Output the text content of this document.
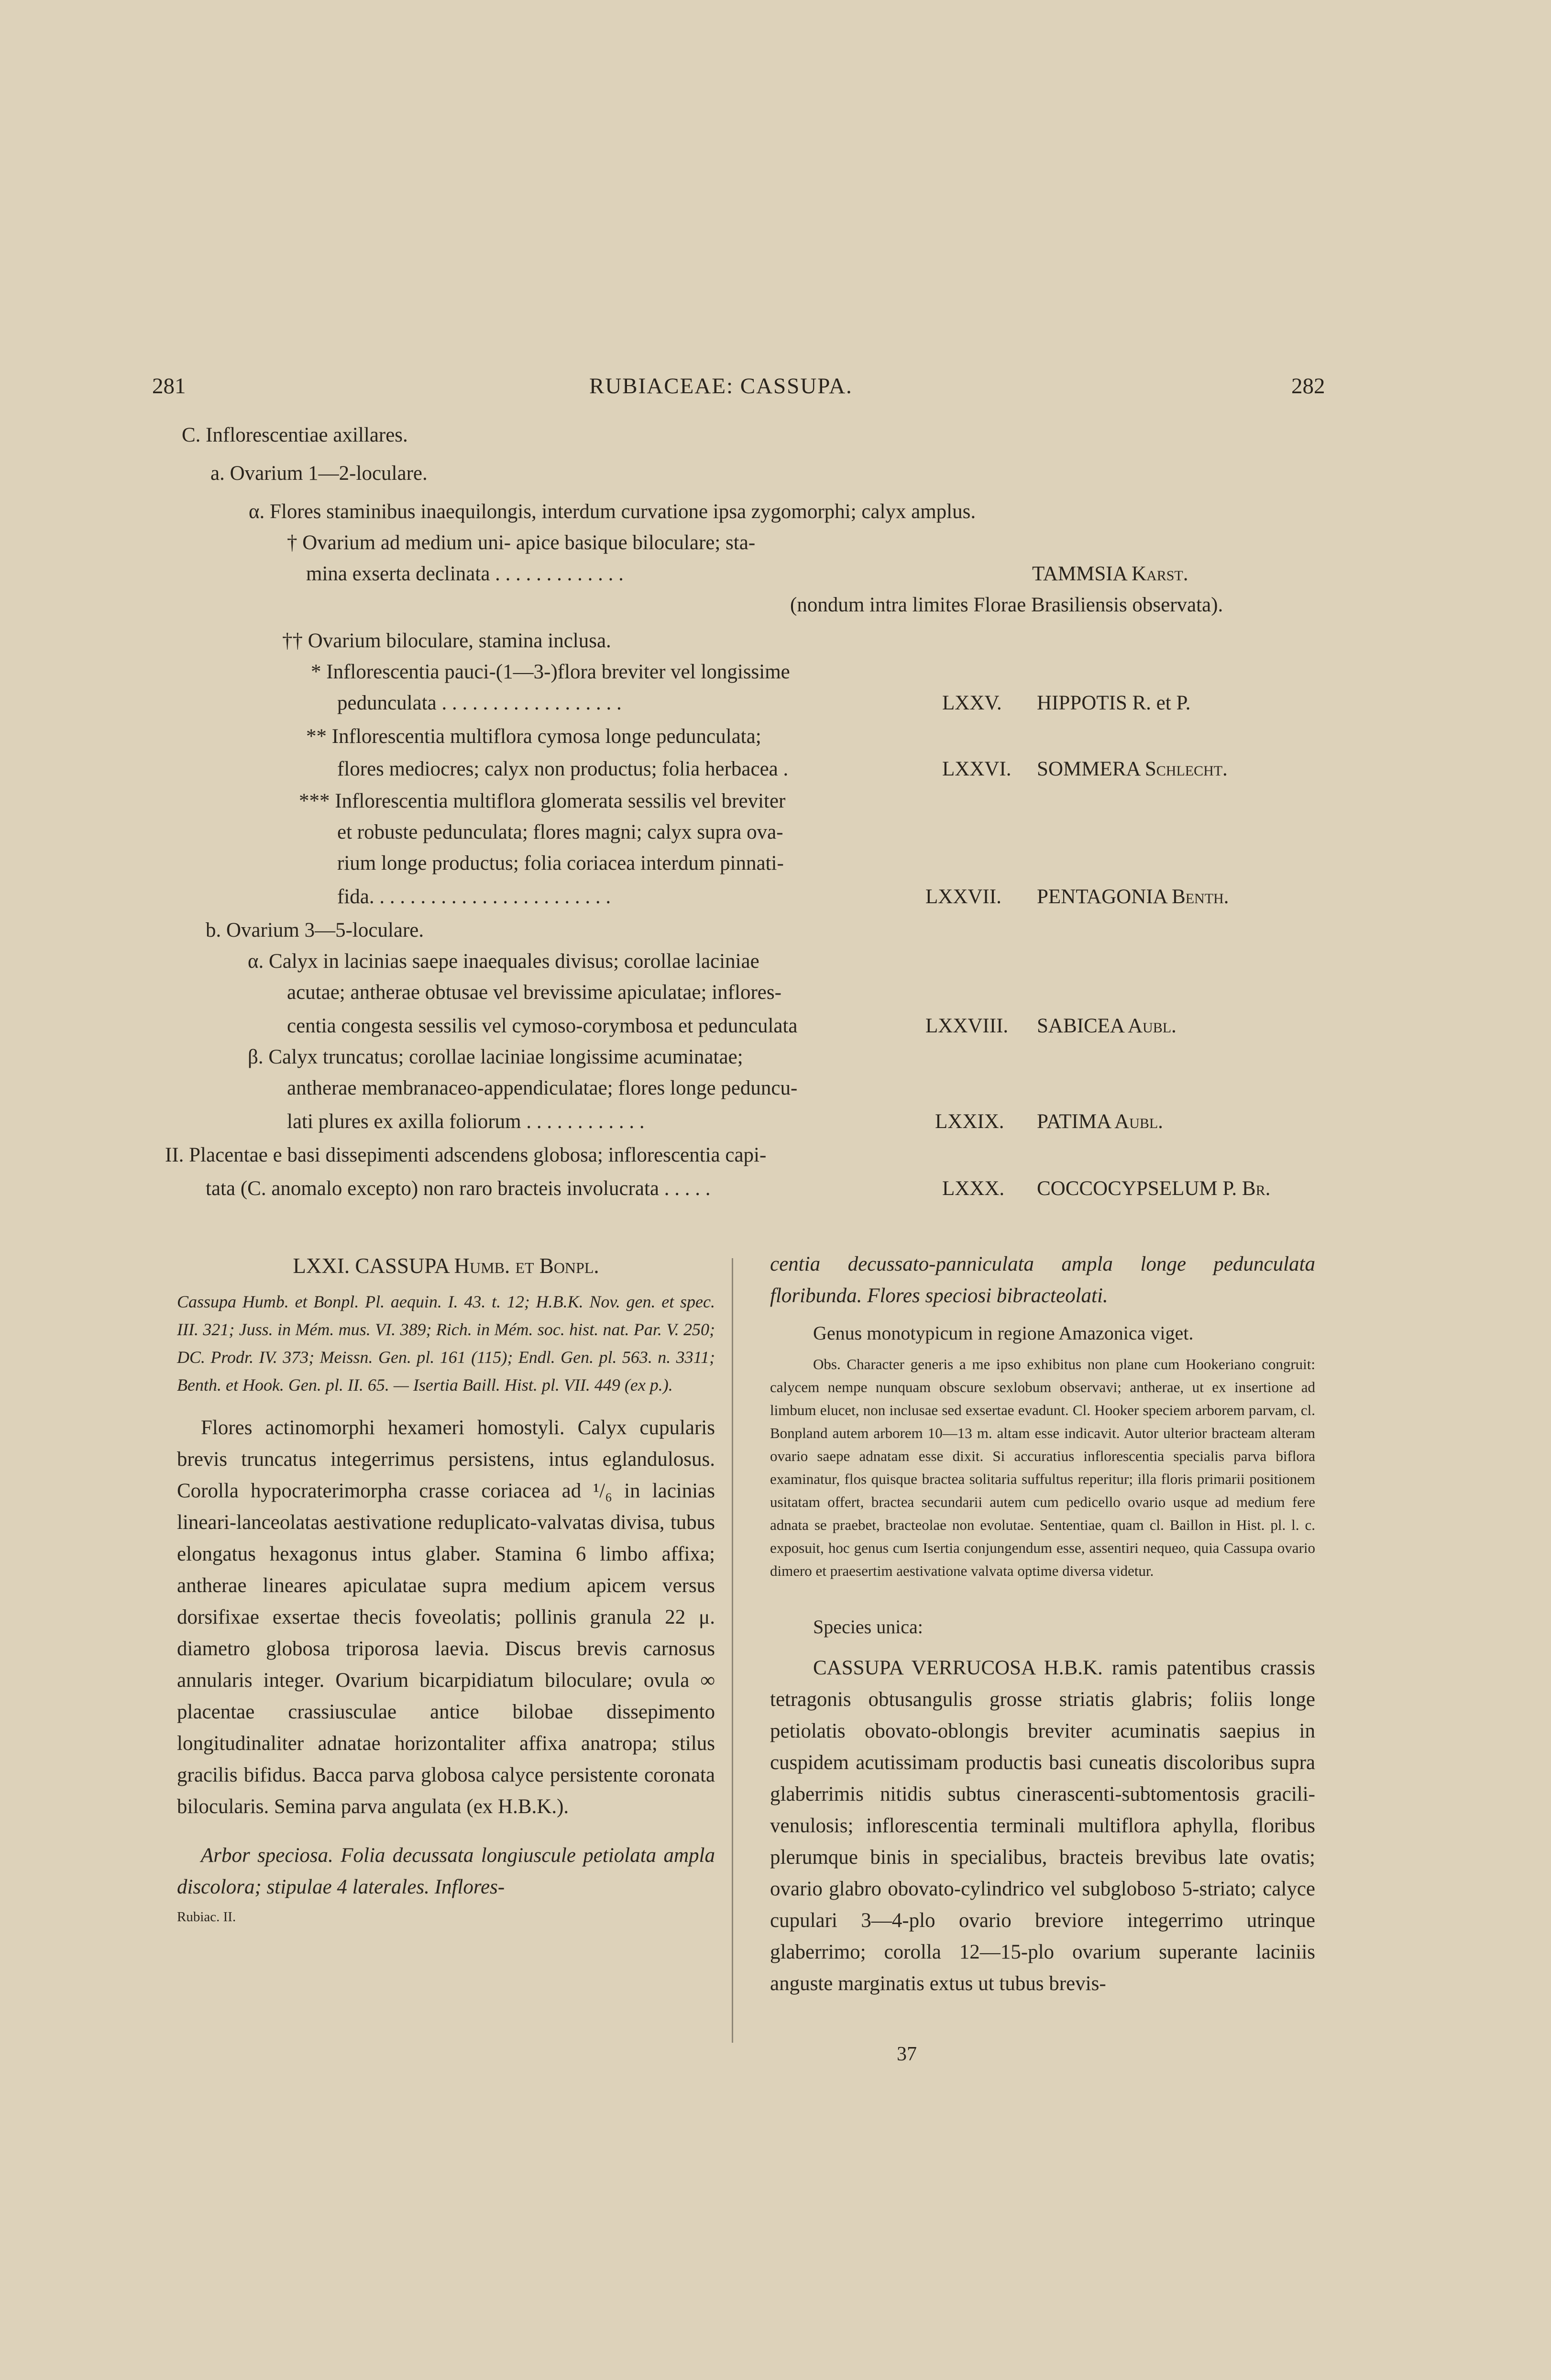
281	RUBIACEAE: CASSUPA.	282
C. Inflorescentiae axillares.
a. Ovarium 1—2-loculare.
α. Flores staminibus inaequilongis, interdum curvatione ipsa zygomorphi; calyx amplus.
† Ovarium ad medium uni- apice basique biloculare; sta-
mina exserta declinata . . . . . . . . . . . . .	TAMMSIA Karst.
(nondum intra limites Florae Brasiliensis observata).
†† Ovarium biloculare, stamina inclusa.
* Inflorescentia pauci-(1—3-)flora breviter vel longissime
pedunculata . . . . . . . . . . . . . . . . . .	LXXV. HIPPOTIS R. et P.
** Inflorescentia multiflora cymosa longe pedunculata;
flores mediocres; calyx non productus; folia herbacea .	LXXVI. SOMMERA Schlecht.
*** Inflorescentia multiflora glomerata sessilis vel breviter
et robuste pedunculata; flores magni; calyx supra ova-
rium longe productus; folia coriacea interdum pinnati-
fida. . . . . . . . . . . . . . . . . . . . . . . .	LXXVII. PENTAGONIA Benth.
b. Ovarium 3—5-loculare.
α. Calyx in lacinias saepe inaequales divisus; corollae laciniae
acutae; antherae obtusae vel brevissime apiculatae; inflores-
centia congesta sessilis vel cymoso-corymbosa et pedunculata	LXXVIII. SABICEA Aubl.
β. Calyx truncatus; corollae laciniae longissime acuminatae;
antherae membranaceo-appendiculatae; flores longe peduncu-
lati plures ex axilla foliorum . . . . . . . . . . . .	LXXIX. PATIMA Aubl.
II. Placentae e basi dissepimenti adscendens globosa; inflorescentia capi-
tata (C. anomalo excepto) non raro bracteis involucrata . . . . .	LXXX. COCCOCYPSELUM P. Br.

LXXI. CASSUPA Humb. et Bonpl.

Cassupa Humb. et Bonpl. Pl. aequin. I. 43. t. 12; H.B.K. Nov. gen. et spec. III. 321; Juss. in Mém. mus. VI. 389; Rich. in Mém. soc. hist. nat. Par. V. 250; DC. Prodr. IV. 373; Meissn. Gen. pl. 161 (115); Endl. Gen. pl. 563. n. 3311; Benth. et Hook. Gen. pl. II. 65. — Isertia Baill. Hist. pl. VII. 449 (ex p.).

Flores actinomorphi hexameri homostyli. Calyx cupularis brevis truncatus integerrimus persistens, intus eglandulosus. Corolla hypocraterimorpha crasse coriacea ad ¹/₆ in lacinias lineari-lanceolatas aestivatione reduplicato-valvatas divisa, tubus elongatus hexagonus intus glaber. Stamina 6 limbo affixa; antherae lineares apiculatae supra medium apicem versus dorsifixae exsertae thecis foveolatis; pollinis granula 22 μ. diametro globosa triporosa laevia. Discus brevis carnosus annularis integer. Ovarium bicarpidiatum biloculare; ovula ∞ placentae crassiusculae antice bilobae dissepimento longitudinaliter adnatae horizontaliter affixa anatropa; stilus gracilis bifidus. Bacca parva globosa calyce persistente coronata bilocularis. Semina parva angulata (ex H.B.K.).

Arbor speciosa. Folia decussata longiuscule petiolata ampla discolora; stipulae 4 laterales. Inflores-

Rubiac. II.

centia decussato-panniculata ampla longe pedunculata floribunda. Flores speciosi bibracteolati.

Genus monotypicum in regione Amazonica viget.

Obs. Character generis a me ipso exhibitus non plane cum Hookeriano congruit: calycem nempe nunquam obscure sexlobum observavi; antherae, ut ex insertione ad limbum elucet, non inclusae sed exsertae evadunt. Cl. Hooker speciem arborem parvam, cl. Bonpland autem arborem 10—13 m. altam esse indicavit. Autor ulterior bracteam alteram ovario saepe adnatam esse dixit. Si accuratius inflorescentia specialis parva biflora examinatur, flos quisque bractea solitaria suffultus reperitur; illa floris primarii positionem usitatam offert, bractea secundarii autem cum pedicello ovario usque ad medium fere adnata se praebet, bracteolae non evolutae. Sententiae, quam cl. Baillon in Hist. pl. l. c. exposuit, hoc genus cum Isertia conjungendum esse, assentiri nequeo, quia Cassupa ovario dimero et praesertim aestivatione valvata optime diversa videtur.

Species unica:

CASSUPA VERRUCOSA H.B.K. ramis patentibus crassis tetragonis obtusangulis grosse striatis glabris; foliis longe petiolatis obovato-oblongis breviter acuminatis saepius in cuspidem acutissimam productis basi cuneatis discoloribus supra glaberrimis nitidis subtus cinerascenti-subtomentosis gracili-venulosis; inflorescentia terminali multiflora aphylla, floribus plerumque binis in specialibus, bracteis brevibus late ovatis; ovario glabro obovato-cylindrico vel subgloboso 5-striato; calyce cupulari 3—4-plo ovario breviore integerrimo utrinque glaberrimo; corolla 12—15-plo ovarium superante laciniis anguste marginatis extus ut tubus brevis-

37
